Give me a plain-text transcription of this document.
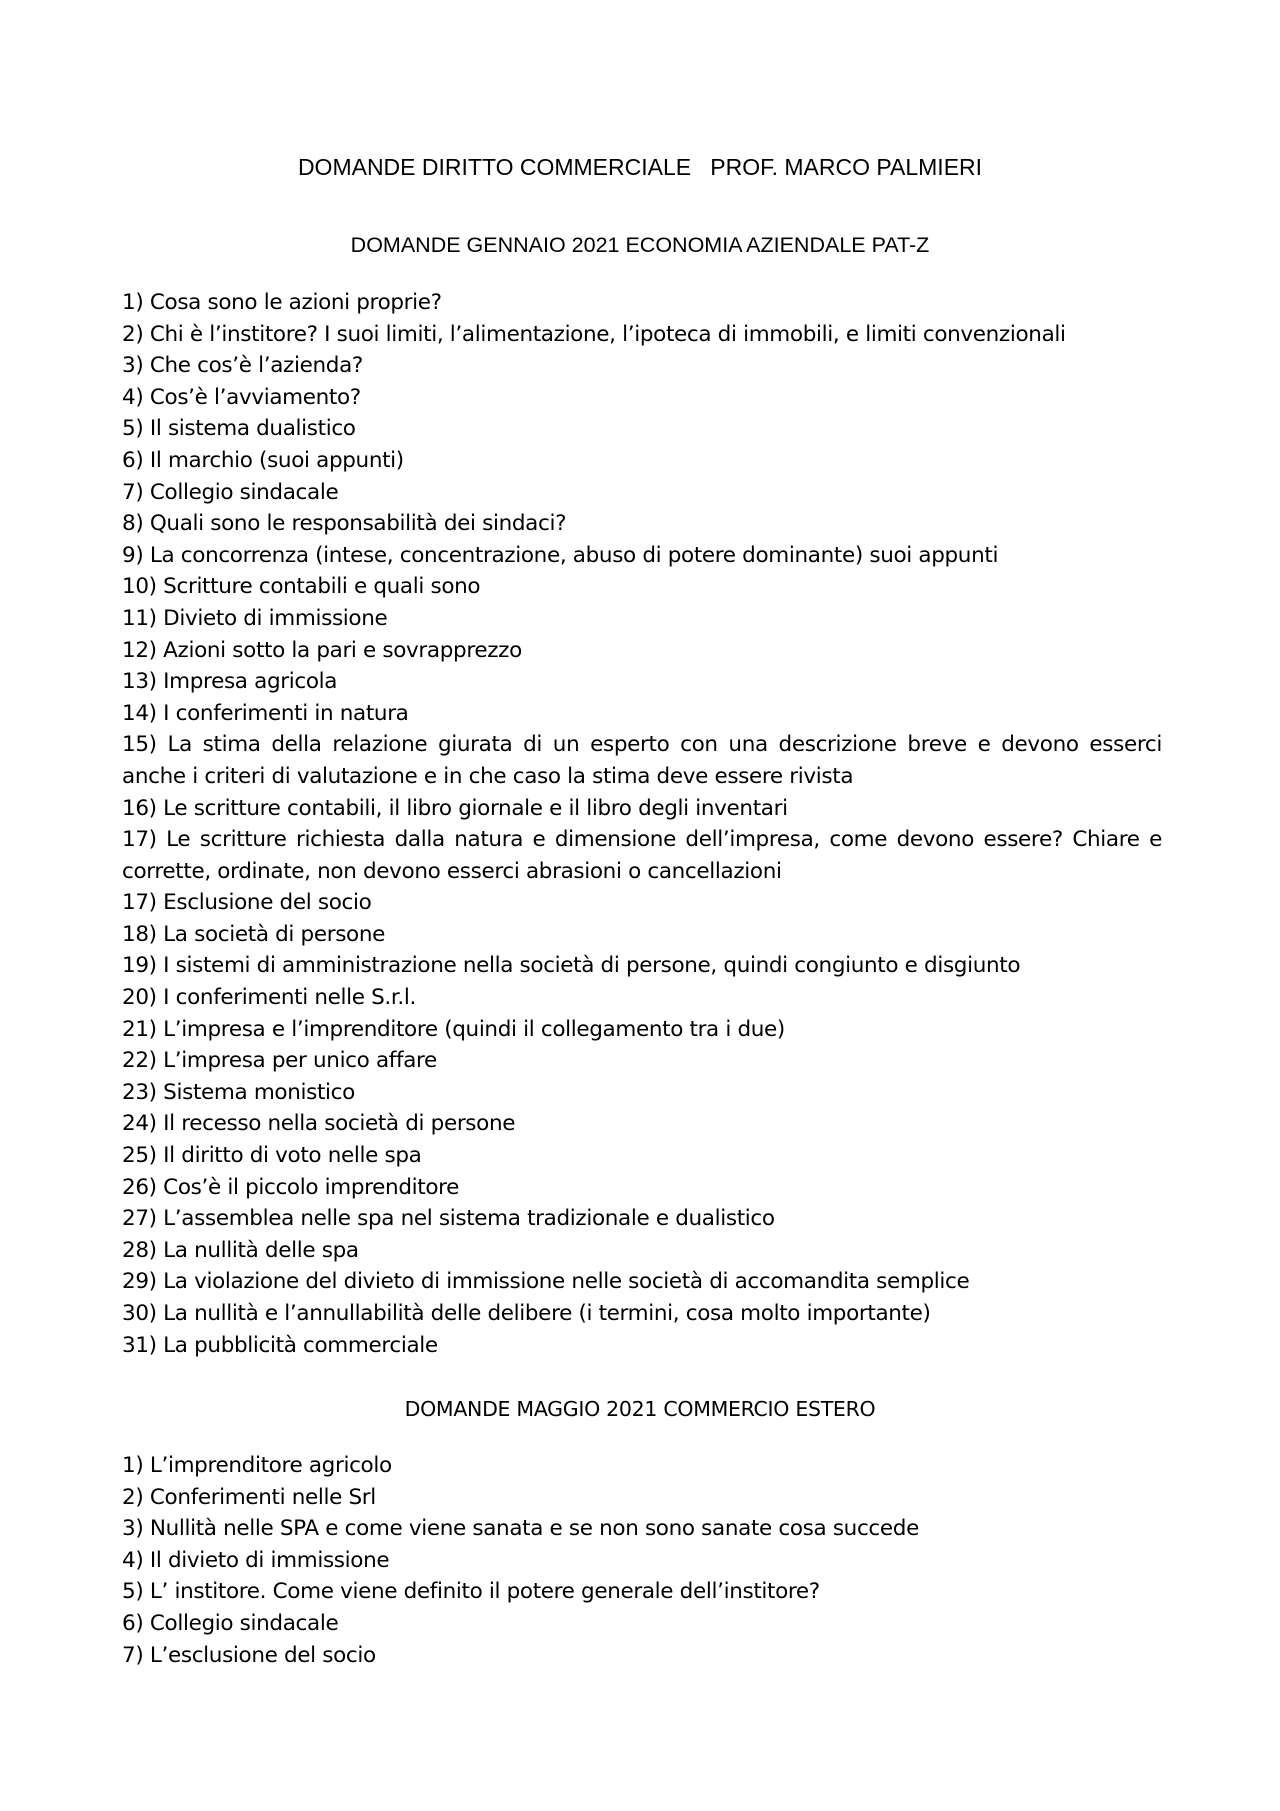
DOMANDE DIRITTO COMMERCIALE   PROF. MARCO PALMIERI
DOMANDE GENNAIO 2021 ECONOMIA AZIENDALE PAT-Z
1) Cosa sono le azioni proprie?
2) Chi è l’institore? I suoi limiti, l’alimentazione, l’ipoteca di immobili, e limiti convenzionali
3) Che cos’è l’azienda?
4) Cos’è l’avviamento?
5) Il sistema dualistico
6) Il marchio (suoi appunti)
7) Collegio sindacale
8) Quali sono le responsabilità dei sindaci?
9) La concorrenza (intese, concentrazione, abuso di potere dominante) suoi appunti
10) Scritture contabili e quali sono
11) Divieto di immissione
12) Azioni sotto la pari e sovrapprezzo
13) Impresa agricola
14) I conferimenti in natura
15) La stima della relazione giurata di un esperto con una descrizione breve e devono esserci anche i criteri di valutazione e in che caso la stima deve essere rivista
16) Le scritture contabili, il libro giornale e il libro degli inventari
17) Le scritture richiesta dalla natura e dimensione dell’impresa, come devono essere? Chiare e corrette, ordinate, non devono esserci abrasioni o cancellazioni
17) Esclusione del socio
18) La società di persone
19) I sistemi di amministrazione nella società di persone, quindi congiunto e disgiunto
20) I conferimenti nelle S.r.l.
21) L’impresa e l’imprenditore (quindi il collegamento tra i due)
22) L’impresa per unico affare
23) Sistema monistico
24) Il recesso nella società di persone
25) Il diritto di voto nelle spa
26) Cos’è il piccolo imprenditore
27) L’assemblea nelle spa nel sistema tradizionale e dualistico
28) La nullità delle spa
29) La violazione del divieto di immissione nelle società di accomandita semplice
30) La nullità e l’annullabilità delle delibere (i termini, cosa molto importante)
31) La pubblicità commerciale
DOMANDE MAGGIO 2021 COMMERCIO ESTERO
1) L’imprenditore agricolo
2) Conferimenti nelle Srl
3) Nullità nelle SPA e come viene sanata e se non sono sanate cosa succede
4) Il divieto di immissione
5) L’ institore. Come viene definito il potere generale dell’institore?
6) Collegio sindacale
7) L’esclusione del socio
